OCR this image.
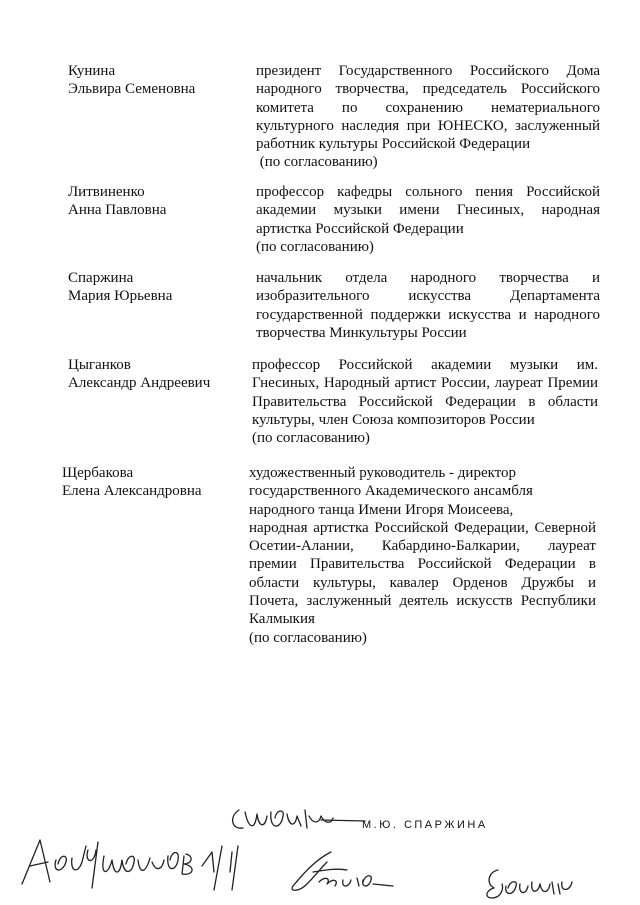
Кунина
Эльвира Семеновна
президент Государственного Российского Дома
народного творчества, председатель Российского
комитета по сохранению нематериального
культурного наследия при ЮНЕСКО, заслуженный
работник культуры Российской Федерации
(по согласованию)
Литвиненко
Анна Павловна
профессор кафедры сольного пения Российской
академии музыки имени Гнесиных, народная
артистка Российской Федерации
(по согласованию)
Спаржина
Мария Юрьевна
начальник отдела народного творчества и
изобразительного искусства Департамента
государственной поддержки искусства и народного
творчества Минкультуры России
Цыганков
Александр Андреевич
профессор Российской академии музыки им.
Гнесиных, Народный артист России, лауреат Премии
Правительства Российской Федерации в области
культуры, член Союза композиторов России
(по согласованию)
Щербакова
Елена Александровна
художественный руководитель - директор
государственного Академического ансамбля
народного танца Имени Игоря Моисеева,
народная артистка Российской Федерации, Северной
Осетии-Алании, Кабардино-Балкарии, лауреат
премии Правительства Российской Федерации в
области культуры, кавалер Орденов Дружбы и
Почета, заслуженный деятель искусств Республики
Калмыкия
(по согласованию)
М.Ю. СПАРЖИНА
